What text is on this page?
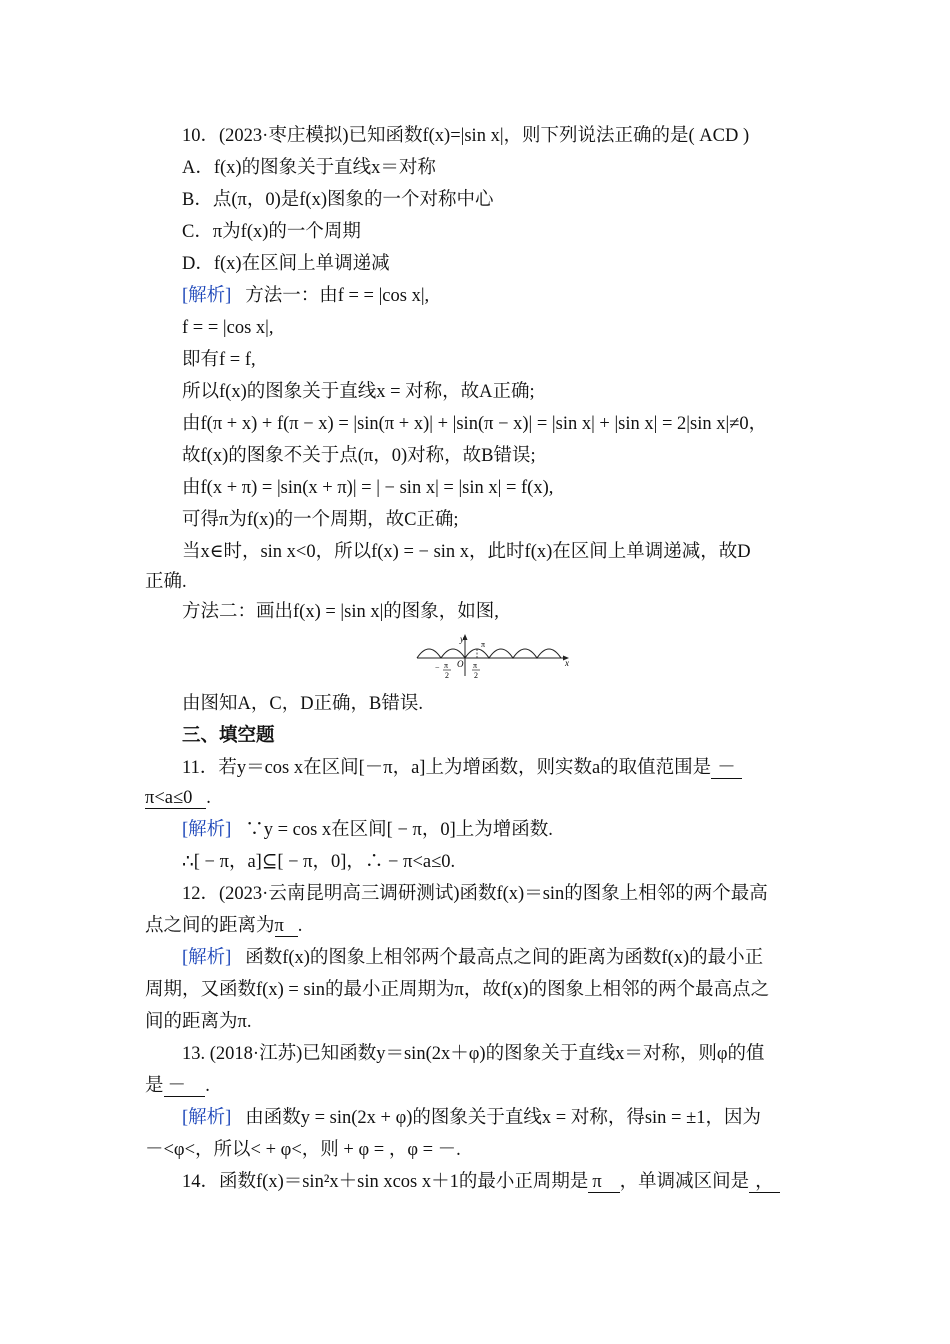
10．(2023·枣庄模拟)已知函数f(x)=|sin x|，则下列说法正确的是( ACD )
A．f(x)的图象关于直线x＝对称
B．点(π，0)是f(x)图象的一个对称中心
C．π为f(x)的一个周期
D．f(x)在区间上单调递减
[解析] 方法一：由f = = |cos x|,
f = = |cos x|,
即有f = f,
所以f(x)的图象关于直线x = 对称，故A正确;
由f(π + x) + f(π − x) = |sin(π + x)| + |sin(π − x)| = |sin x| + |sin x| = 2|sin x|≠0，
故f(x)的图象不关于点(π，0)对称，故B错误;
由f(x + π) = |sin(x + π)| = | − sin x| = |sin x| = f(x),
可得π为f(x)的一个周期，故C正确;
当x∈时，sin x<0，所以f(x) = − sin x，此时f(x)在区间上单调递减，故D
正确.
方法二：画出f(x) = |sin x|的图象，如图,
y
x
O
π
− π
2
π
2
由图知A，C，D正确，B错误.
三、填空题
11．若y＝cos x在区间[－π，a]上为增函数，则实数a的取值范围是 －
π<a≤0 .
[解析] ∵y = cos x在区间[ − π，0]上为增函数.
∴[ − π，a]⊆[ − π，0]，∴ − π<a≤0.
12．(2023·云南昆明高三调研测试)函数f(x)＝sin的图象上相邻的两个最高
点之间的距离为π .
[解析] 函数f(x)的图象上相邻两个最高点之间的距离为函数f(x)的最小正
周期，又函数f(x) = sin的最小正周期为π，故f(x)的图象上相邻的两个最高点之
间的距离为π.
13. (2018·江苏)已知函数y＝sin(2x＋φ)的图象关于直线x＝对称，则φ的值
是 － .
[解析] 由函数y = sin(2x + φ)的图象关于直线x = 对称，得sin = ±1，因为
－<φ<，所以< + φ<，则 + φ = ，φ = －.
14．函数f(x)＝sin²x＋sin xcos x＋1的最小正周期是 π ，单调减区间是 ，
